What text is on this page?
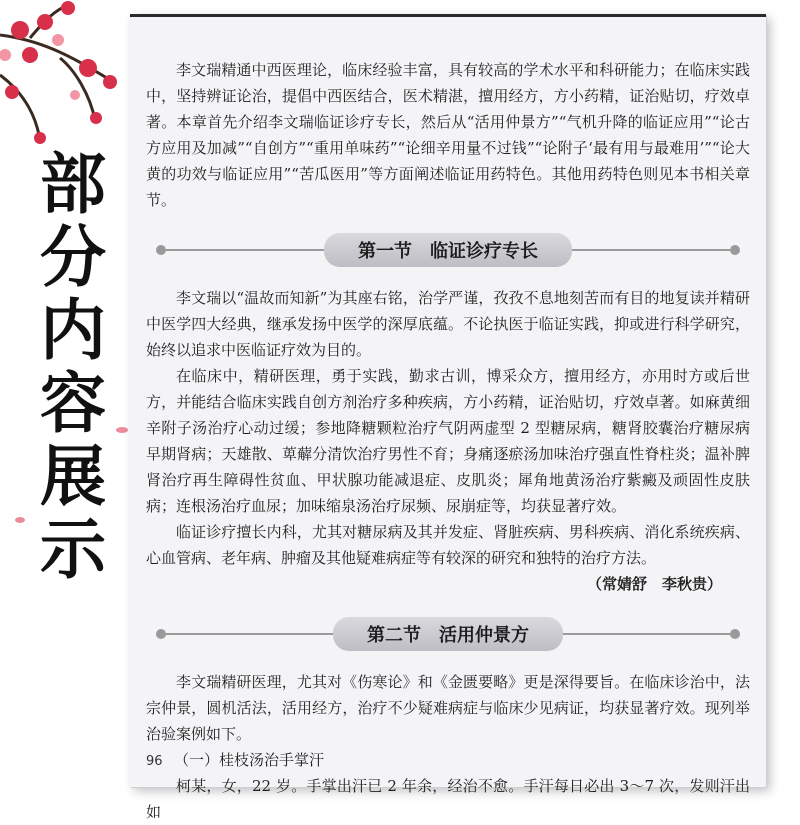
部
分
内
容
展
示

李文瑞精通中西医理论，临床经验丰富，具有较高的学术水平和科研能力；在临床实践中，坚持辨证论治，提倡中西医结合，医术精湛，擅用经方，方小药精，证治贴切，疗效卓著。本章首先介绍李文瑞临证诊疗专长，然后从“活用仲景方”“气机升降的临证应用”“论古方应用及加减”“自创方”“重用单味药”“论细辛用量不过钱”“论附子‘最有用与最难用’”“论大黄的功效与临证应用”“苦瓜医用”等方面阐述临证用药特色。其他用药特色则见本书相关章节。

第一节　临证诊疗专长

李文瑞以“温故而知新”为其座右铭，治学严谨，孜孜不息地刻苦而有目的地复读并精研中医学四大经典，继承发扬中医学的深厚底蕴。不论执医于临证实践，抑或进行科学研究，始终以追求中医临证疗效为目的。

在临床中，精研医理，勇于实践，勤求古训，博采众方，擅用经方，亦用时方或后世方，并能结合临床实践自创方剂治疗多种疾病，方小药精，证治贴切，疗效卓著。如麻黄细辛附子汤治疗心动过缓；参地降糖颗粒治疗气阴两虚型 2 型糖尿病，糖肾胶囊治疗糖尿病早期肾病；天雄散、萆薢分清饮治疗男性不育；身痛逐瘀汤加味治疗强直性脊柱炎；温补脾肾治疗再生障碍性贫血、甲状腺功能减退症、皮肌炎；犀角地黄汤治疗紫癜及顽固性皮肤病；连根汤治疗血尿；加味缩泉汤治疗尿频、尿崩症等，均获显著疗效。

临证诊疗擅长内科，尤其对糖尿病及其并发症、肾脏疾病、男科疾病、消化系统疾病、心血管病、老年病、肿瘤及其他疑难病症等有较深的研究和独特的治疗方法。

（常婧舒　李秋贵）
第二节　活用仲景方

李文瑞精研医理，尤其对《伤寒论》和《金匮要略》更是深得要旨。在临床诊治中，法宗仲景，圆机活法，活用经方，治疗不少疑难病症与临床少见病证，均获显著疗效。现列举治验案例如下。

（一）桂枝汤治手掌汗

柯某，女，22 岁。手掌出汗已 2 年余，经治不愈。手汗每日必出 3～7 次，发则汗出如

96
